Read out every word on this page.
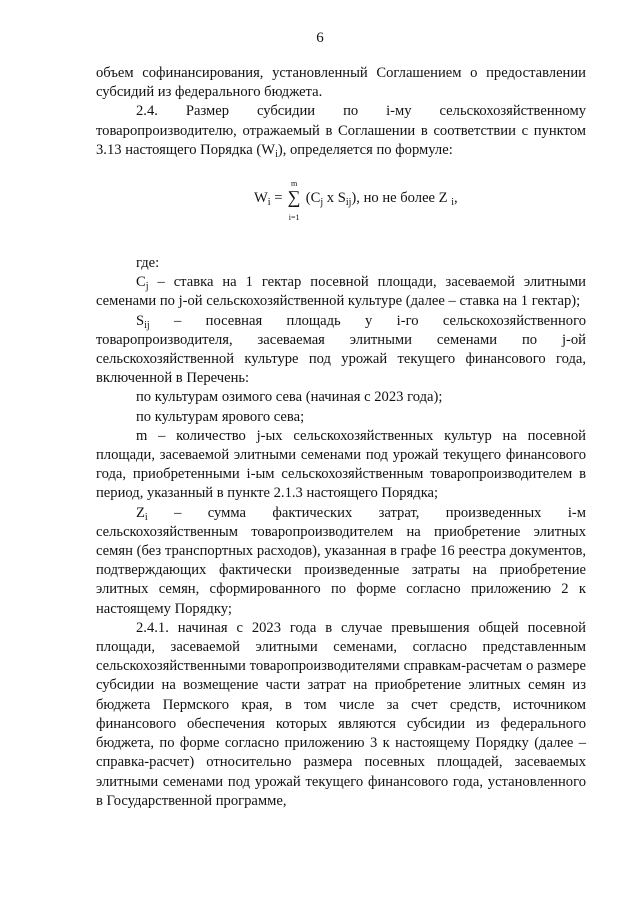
6

объем софинансирования, установленный Соглашением о предоставлении субсидий из федерального бюджета.

2.4. Размер субсидии по i-му сельскохозяйственному товаропроизводителю, отражаемый в Соглашении в соответствии с пунктом 3.13 настоящего Порядка $(W_i)$, определяется по формуле:

$W_i$ =
m
∑
i=1
($C_j$ x $S_{ij}$), но не более Z $_i$,

где:

$C_j$ – ставка на 1 гектар посевной площади, засеваемой элитными семенами по j-ой сельскохозяйственной культуре (далее – ставка на 1 гектар);

$S_{ij}$ – посевная площадь у i-го сельскохозяйственного товаропроизводителя, засеваемая элитными семенами по j-ой сельскохозяйственной культуре под урожай текущего финансового года, включенной в Перечень:

по культурам озимого сева (начиная с 2023 года);

по культурам ярового сева;

m – количество j-ых сельскохозяйственных культур на посевной площади, засеваемой элитными семенами под урожай текущего финансового года, приобретенными i-ым сельскохозяйственным товаропроизводителем в период, указанный в пункте 2.1.3 настоящего Порядка;

$Z_i$ – сумма фактических затрат, произведенных i-м сельскохозяйственным товаропроизводителем на приобретение элитных семян (без транспортных расходов), указанная в графе 16 реестра документов, подтверждающих фактически произведенные затраты на приобретение элитных семян, сформированного по форме согласно приложению 2 к настоящему Порядку;

2.4.1. начиная с 2023 года в случае превышения общей посевной площади, засеваемой элитными семенами, согласно представленным сельскохозяйственными товаропроизводителями справкам-расчетам о размере субсидии на возмещение части затрат на приобретение элитных семян из бюджета Пермского края, в том числе за счет средств, источником финансового обеспечения которых являются субсидии из федерального бюджета, по форме согласно приложению 3 к настоящему Порядку (далее – справка-расчет) относительно размера посевных площадей, засеваемых элитными семенами под урожай текущего финансового года, установленного в Государственной программе,
